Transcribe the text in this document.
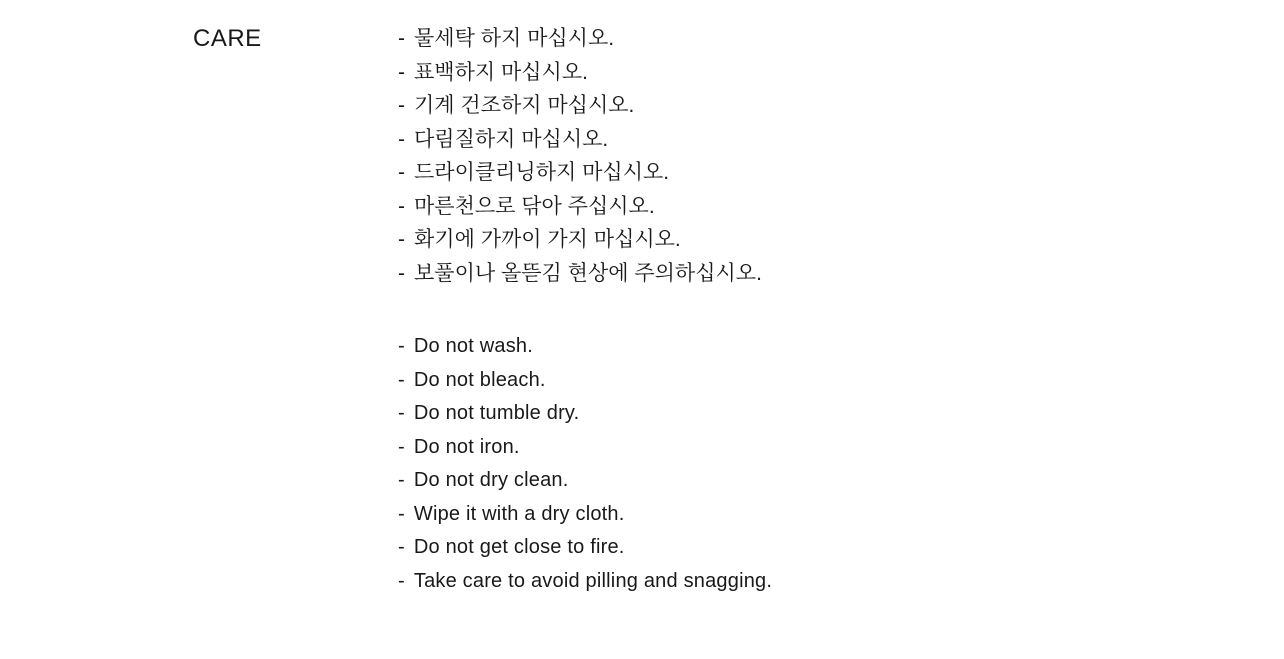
CARE	- 물세탁 하지 마십시오.
- 표백하지 마십시오.
- 기계 건조하지 마십시오.
- 다림질하지 마십시오.
- 드라이클리닝하지 마십시오.
- 마른천으로 닦아 주십시오.
- 화기에 가까이 가지 마십시오.
- 보풀이나 올뜯김 현상에 주의하십시오.
- Do not wash.
- Do not bleach.
- Do not tumble dry.
- Do not iron.
- Do not dry clean.
- Wipe it with a dry cloth.
- Do not get close to fire.
- Take care to avoid pilling and snagging.
